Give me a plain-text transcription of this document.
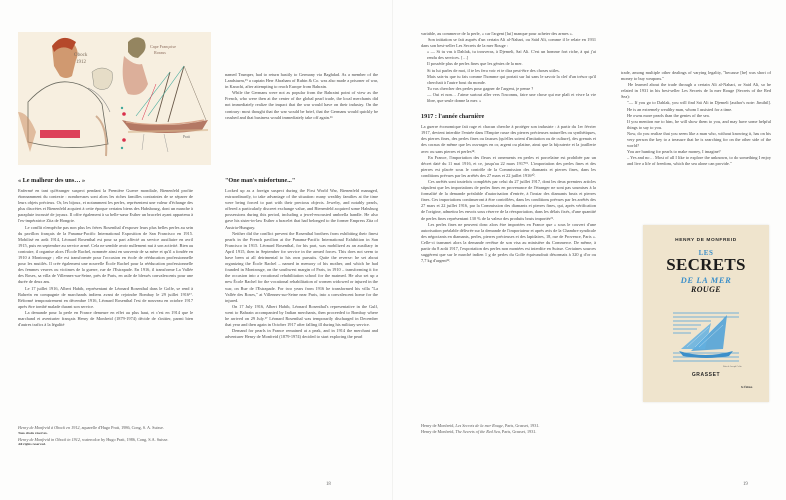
Obock
1912
Cape Françoise
Roraus
Pratt
« Le malheur des uns… »

Enfermé en tant qu'étranger suspect pendant la Première Guerre mondiale, Bienenfeld profite étonnamment du contexte : nombreuses sont alors les riches familles contraintes de se séparer de leurs objets précieux. Or, les bijoux, et notamment les perles, représentent une valeur d'échange des plus discrètes et Bienenfeld acquiert à cette époque certains biens des Habsbourg, dont un manche à parapluie incrusté de joyaux. Il offre également à sa belle-sœur Esther un bracelet ayant appartenu à l'ex-impératrice Zita de Hongrie.

Le conflit n'empêche pas non plus les frères Rosenthal d'exposer leurs plus belles perles au sein du pavillon français de la Panama-Pacific International Exposition de San Francisco en 1915. Mobilisé en août 1914, Léonard Rosenthal est pour sa part affecté au service auxiliaire en avril 1915, puis en septembre au service armé. Cela ne semble avoir nullement nui à son activité. Bien au contraire, il organise alors l'École Rachel, nommée ainsi en souvenir de sa mère et qu'il a fondée en 1910 à Montrouge ; elle est transformée pour l'occasion en école de rééducation professionnelle pour les mutilés. Il crée également une nouvelle École Rachel pour la rééducation professionnelle des femmes veuves ou victimes de la guerre, rue de l'Estrapade. En 1916, il transforme La Vallée des Roses, sa villa de Villennes-sur-Seine, près de Paris, en asile de blessés convalescents pour une durée de deux ans.

Le 17 juillet 1916, Albert Habib, représentant de Léonard Rosenthal dans le Golfe, se rend à Bahreïn en compagnie de marchands indiens avant de rejoindre Bombay le 29 juillet 1916¹⁷. Réformé temporairement en décembre 1916, Léonard Rosenthal l'est de nouveau en octobre 1917 après être tombé malade durant son service.

La demande pour la perle en France demeure en effet au plus haut, et c'est en 1914 que le marchand et aventurier français Henry de Monfreid (1879-1974) décide de s'initier, parmi bien d'autres trafics à la légalité

Henry de Monfreid à Obock en 1912, aquarelle d'Hugo Pratt, 1986, Cong, S. A. Suisse.
Tous droits réservés.
Henry de Monfreid in Obock in 1912, watercolor by Hugo Pratt, 1986, Cong, S.A. Suisse.
All rights reserved.

named Trumper, had to return hastily to Germany via Baghdad. As a member of the Landsturm,¹⁵ a captain Herr Abraham of Rubin & Co. was also made a prisoner of war, in Karachi, after attempting to reach Europe from Bahrain.

While the Germans were not as popular from the Bahraini point of view as the French, who were then at the center of the global pearl trade, the local merchants did not immediately realize the impact that the war would have on their industry. On the contrary: most thought that the war would be brief, that the Germans would quickly be crushed and that business would immediately take off again.¹⁶

"One man's misfortune..."

Locked up as a foreign suspect during the First World War, Bienenfeld managed, extraordinarily, to take advantage of the situation: many wealthy families at the time were being forced to part with their precious objects. Jewelry, and notably pearls, offered a particularly discreet exchange value, and Bienenfeld acquired some Habsburg possessions during this period, including a jewel-encrusted umbrella handle. He also gave his sister-in-law Esther a bracelet that had belonged to the former Empress Zita of Austria-Hungary.

Neither did the conflict prevent the Rosenthal brothers from exhibiting their finest pearls in the French pavilion at the Panama-Pacific International Exhibition in San Francisco in 1915. Léonard Rosenthal, for his part, was mobilized as an auxiliary in April 1915, then in September for service in the armed forces. This does not seem to have been at all detrimental to his own pursuits. Quite the reverse: he set about organizing the École Rachel – named in memory of his mother, and which he had founded in Montrouge, on the southwest margin of Paris, in 1910 – transforming it for the occasion into a vocational rehabilitation school for the maimed. He also set up a new École Rachel for the vocational rehabilitation of women widowed or injured in the war, on Rue de l'Estrapade. For two years from 1916 he transformed his villa "La Vallée des Roses," at Villennes-sur-Seine near Paris, into a convalescent home for the injured.

On 17 July 1916, Albert Habib, Léonard Rosenthal's representative in the Gulf, went to Bahrain accompanied by Indian merchants, then proceeded to Bombay where he arrived on 29 July.¹⁷ Léonard Rosenthal was temporarily discharged in December that year and then again in October 1917 after falling ill during his military service.

Demand for pearls in France remained at a peak, and in 1914 the merchant and adventurer Henry de Monfreid (1879-1974) decided to start exploring the pearl

18

variable, au commerce de la perle, « car l'argent [lui] manque pour acheter des armes ».

Son initiation se fait auprès d'un certain Ali al-Nahari, ou Saïd Ali, comme il le relate en 1931 dans son best-seller Les Secrets de la mer Rouge :

« — Si tu vas à Dahlak, tu trouveras, à Djemeli, Saï Ali. C'est un homme fort riche, à qui j'ai rendu des services. […]

Il possède plus de perles fines que les génies de la mer.

Si tu lui parles de moi, il te les fera voir et te dira peut-être des choses utiles.

Mais sais-tu que tu fais comme l'homme qui portait sur lui sans le savoir la clef d'un trésor qu'il cherchait à l'autre bout du monde.

Tu vas chercher des perles pour gagner de l'argent, je pense ?

— Oui et non… J'aime surtout aller vers l'inconnu, faire une chose qui me plaît et vivre la vie libre, que seule donne la mer. »

1917 : l'année charnière

La guerre économique fait rage et chacun cherche à protéger son industrie : à partir du 1er février 1917, devient interdite l'entrée dans l'Empire russe des pierres précieuses naturelles ou synthétiques, des pierres fines, des perles fines ou fausses (qu'elles soient d'imitation ou de culture), des grenats et des coraux de même que les ouvrages en or, argent ou platine, ainsi que la bijouterie et la joaillerie avec ou sans pierres et perles¹⁸.

En France, l'importation des fleurs et ornements en perles et porcelaine est prohibée par un décret daté du 11 mai 1916, et ce, jusqu'au 22 mars 1917¹⁹. L'importation des perles fines et des pierres est placée sous le contrôle de la Commission des diamants et pierres fines, dans les conditions prévues par les arrêtés des 27 mars et 22 juillet 1916²⁰.

Ces arrêtés sont toutefois complétés par celui du 27 juillet 1917, dont les deux premiers articles stipulent que les importations de perles fines en provenance de l'étranger ne sont pas soumises à la formalité de la demande préalable d'autorisation d'entrée, à l'instar des diamants bruts et pierres fines. Ces importations continueront à être contrôlées, dans les conditions prévues par les arrêtés des 27 mars et 22 juillet 1916, par la Commission des diamants et pierres fines, qui, après vérification de l'origine, admettra les envois sous réserve de la réexportation, dans les délais fixés, d'une quantité de perles fines représentant 130 % de la valeur des produits bruts importés²¹.

Les perles fines ne peuvent donc alors être importées en France que « sous le couvert d'une autorisation préalable délivrée sur la demande de l'importateur et après avis de la Chambre syndicale des négociants en diamants, perles, pierres précieuses et des lapidaires, 18, rue de Provence, Paris ». Celle-ci transmet alors la demande revêtue de son visa au ministère du Commerce. De même, à partir du 8 août 1917, l'exportation des perles non montées est interdite en Suisse. Certaines sources suggèrent que sur le marché indien 1 g de perles du Golfe équivaudrait désormais à 320 g d'or ou 7,7 kg d'argent²².

Henry de Monfreid, Les Secrets de la mer Rouge, Paris, Grasset, 1931.
Henry de Monfreid, The Secrets of the Red Sea, Paris, Grasset, 1931.

trade, among multiple other dealings of varying legality, "because [he] was short of money to buy weapons."

He learned about the trade through a certain Ali al-Nahari, or Said Ali, so he related in 1931 in his best-seller Les Secrets de la mer Rouge (Secrets of the Red Sea):

"— If you go to Dahlak, you will find Saï Ali in Djemeli [author's note: Jimihil]. He is an extremely wealthy man, whom I assisted for a time.

He owns more pearls than the genies of the sea.

If you mention me to him, he will show them to you, and may have some helpful things to say to you.

Now, do you realize that you seem like a man who, without knowing it, has on his very person the key to a treasure that he is searching for on the other side of the world?

You are hunting for pearls to make money, I imagine?

– Yes and no… Most of all I like to explore the unknown, to do something I enjoy and live a life of freedom, which the sea alone can provide."

19
HENRY DE MONFREID
LES
SECRETS
DE LA MER
ROUGE
Bois de Joseph Colin
GRASSET
9e Édition
